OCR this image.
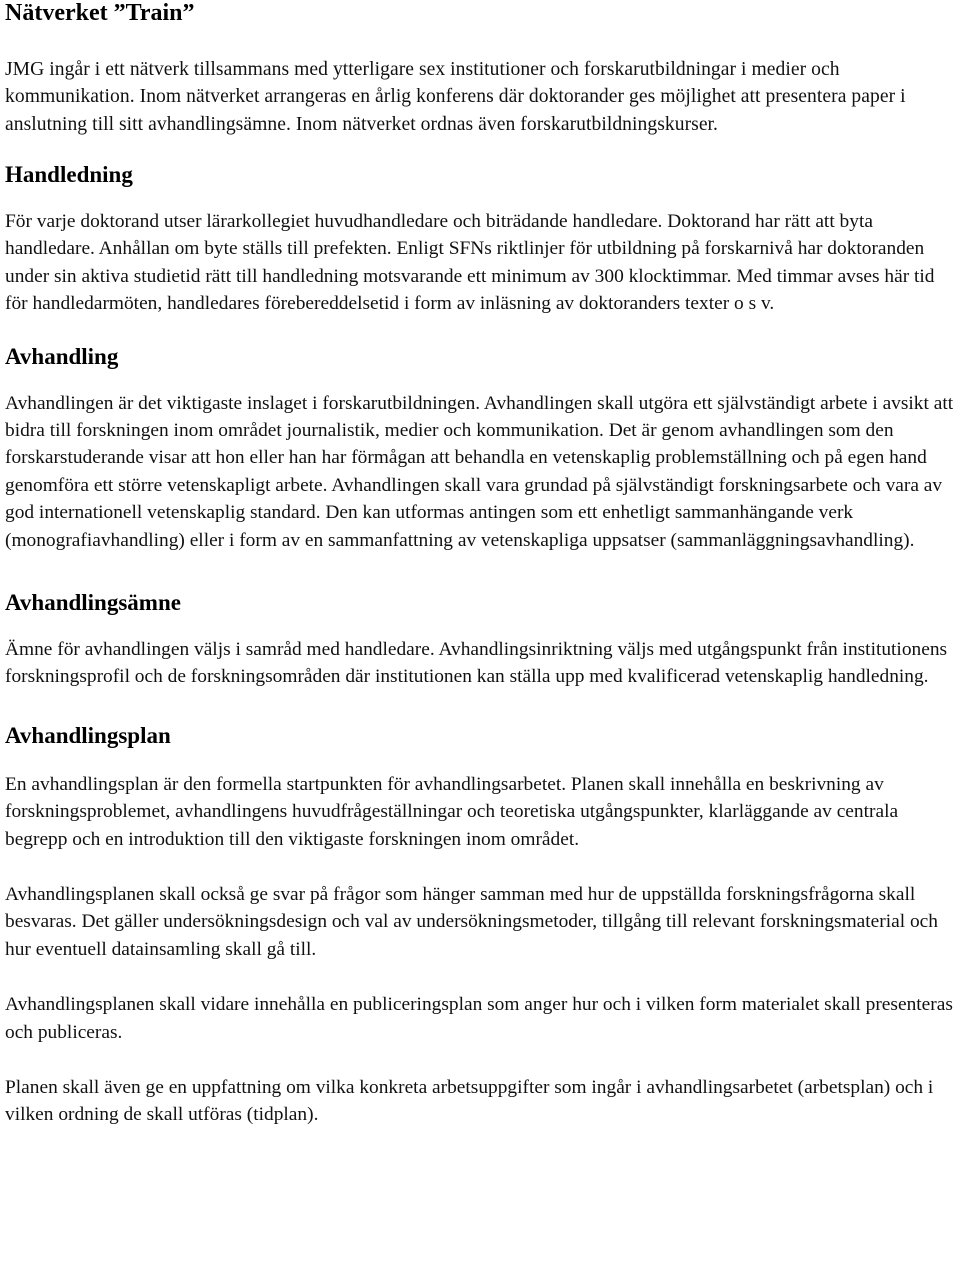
Nätverket ”Train”

JMG ingår i ett nätverk tillsammans med ytterligare sex institutioner och forskarutbildningar i medier och kommunikation. Inom nätverket arrangeras en årlig konferens där doktorander ges möjlighet att presentera paper i anslutning till sitt avhandlingsämne. Inom nätverket ordnas även forskarutbildningskurser.

Handledning

För varje doktorand utser lärarkollegiet huvudhandledare och biträdande handledare. Doktorand har rätt att byta handledare. Anhållan om byte ställs till prefekten. Enligt SFNs riktlinjer för utbildning på forskarnivå har doktoranden under sin aktiva studietid rätt till handledning motsvarande ett minimum av 300 klocktimmar. Med timmar avses här tid för handledarmöten, handledares förebereddelsetid i form av inläsning av doktoranders texter o s v.

Avhandling

Avhandlingen är det viktigaste inslaget i forskarutbildningen. Avhandlingen skall utgöra ett självständigt arbete i avsikt att bidra till forskningen inom området journalistik, medier och kommunikation. Det är genom avhandlingen som den forskarstuderande visar att hon eller han har förmågan att behandla en vetenskaplig problemställning och på egen hand genomföra ett större vetenskapligt arbete. Avhandlingen skall vara grundad på självständigt forskningsarbete och vara av god internationell vetenskaplig standard. Den kan utformas antingen som ett enhetligt sammanhängande verk (monografiavhandling) eller i form av en sammanfattning av vetenskapliga uppsatser (sammanläggningsavhandling).

Avhandlingsämne

Ämne för avhandlingen väljs i samråd med handledare. Avhandlingsinriktning väljs med utgångspunkt från institutionens forskningsprofil och de forskningsområden där institutionen kan ställa upp med kvalificerad vetenskaplig handledning.

Avhandlingsplan

En avhandlingsplan är den formella startpunkten för avhandlingsarbetet. Planen skall innehålla en beskrivning av forskningsproblemet, avhandlingens huvudfrågeställningar och teoretiska utgångspunkter, klarläggande av centrala begrepp och en introduktion till den viktigaste forskningen inom området.

Avhandlingsplanen skall också ge svar på frågor som hänger samman med hur de uppställda forskningsfrågorna skall besvaras. Det gäller undersökningsdesign och val av undersökningsmetoder, tillgång till relevant forskningsmaterial och hur eventuell datainsamling skall gå till.

Avhandlingsplanen skall vidare innehålla en publiceringsplan som anger hur och i vilken form materialet skall presenteras och publiceras.

Planen skall även ge en uppfattning om vilka konkreta arbetsuppgifter som ingår i avhandlingsarbetet (arbetsplan) och i vilken ordning de skall utföras (tidplan).
